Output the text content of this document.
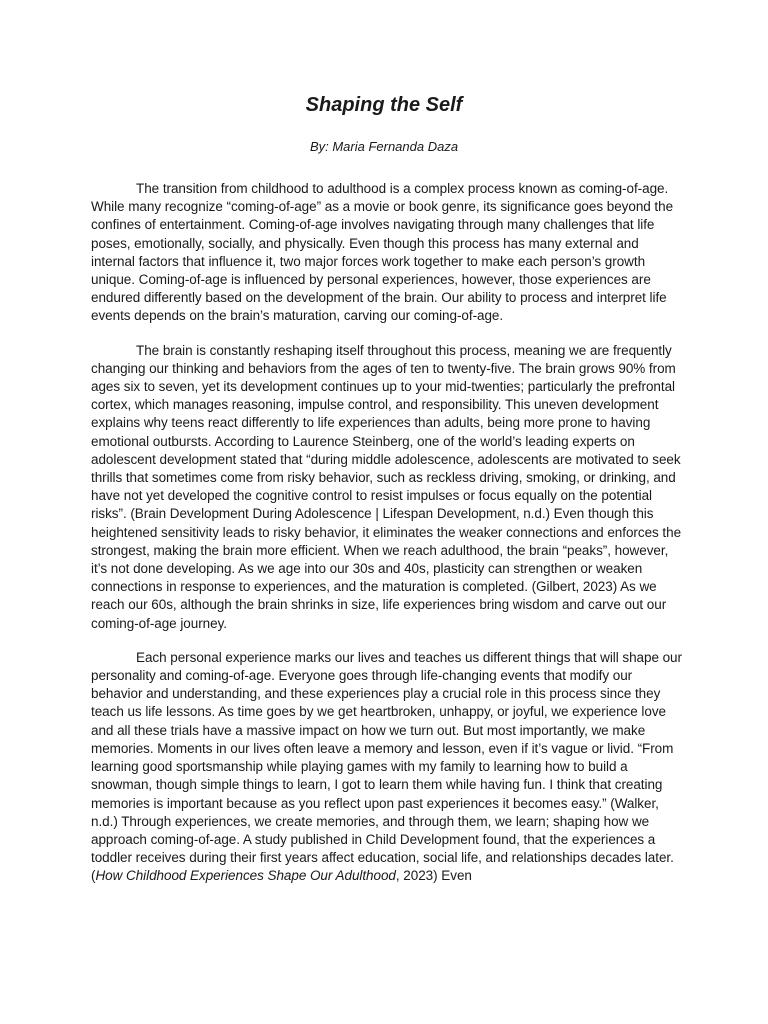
Shaping the Self

By: Maria Fernanda Daza

The transition from childhood to adulthood is a complex process known as coming-of-age. While many recognize “coming-of-age” as a movie or book genre, its significance goes beyond the confines of entertainment. Coming-of-age involves navigating through many challenges that life poses, emotionally, socially, and physically. Even though this process has many external and internal factors that influence it, two major forces work together to make each person’s growth unique. Coming-of-age is influenced by personal experiences, however, those experiences are endured differently based on the development of the brain. Our ability to process and interpret life events depends on the brain’s maturation, carving our coming-of-age.

The brain is constantly reshaping itself throughout this process, meaning we are frequently changing our thinking and behaviors from the ages of ten to twenty-five. The brain grows 90% from ages six to seven, yet its development continues up to your mid-twenties; particularly the prefrontal cortex, which manages reasoning, impulse control, and responsibility. This uneven development explains why teens react differently to life experiences than adults, being more prone to having emotional outbursts. According to Laurence Steinberg, one of the world’s leading experts on adolescent development stated that “during middle adolescence, adolescents are motivated to seek thrills that sometimes come from risky behavior, such as reckless driving, smoking, or drinking, and have not yet developed the cognitive control to resist impulses or focus equally on the potential risks”. (Brain Development During Adolescence | Lifespan Development, n.d.) Even though this heightened sensitivity leads to risky behavior, it eliminates the weaker connections and enforces the strongest, making the brain more efficient. When we reach adulthood, the brain “peaks”, however, it’s not done developing. As we age into our 30s and 40s, plasticity can strengthen or weaken connections in response to experiences, and the maturation is completed. (Gilbert, 2023) As we reach our 60s, although the brain shrinks in size, life experiences bring wisdom and carve out our coming-of-age journey.

Each personal experience marks our lives and teaches us different things that will shape our personality and coming-of-age. Everyone goes through life-changing events that modify our behavior and understanding, and these experiences play a crucial role in this process since they teach us life lessons. As time goes by we get heartbroken, unhappy, or joyful, we experience love and all these trials have a massive impact on how we turn out. But most importantly, we make memories. Moments in our lives often leave a memory and lesson, even if it’s vague or livid. “From learning good sportsmanship while playing games with my family to learning how to build a snowman, though simple things to learn, I got to learn them while having fun. I think that creating memories is important because as you reflect upon past experiences it becomes easy.” (Walker, n.d.) Through experiences, we create memories, and through them, we learn; shaping how we approach coming-of-age. A study published in Child Development found, that the experiences a toddler receives during their first years affect education, social life, and relationships decades later. (How Childhood Experiences Shape Our Adulthood, 2023) Even
